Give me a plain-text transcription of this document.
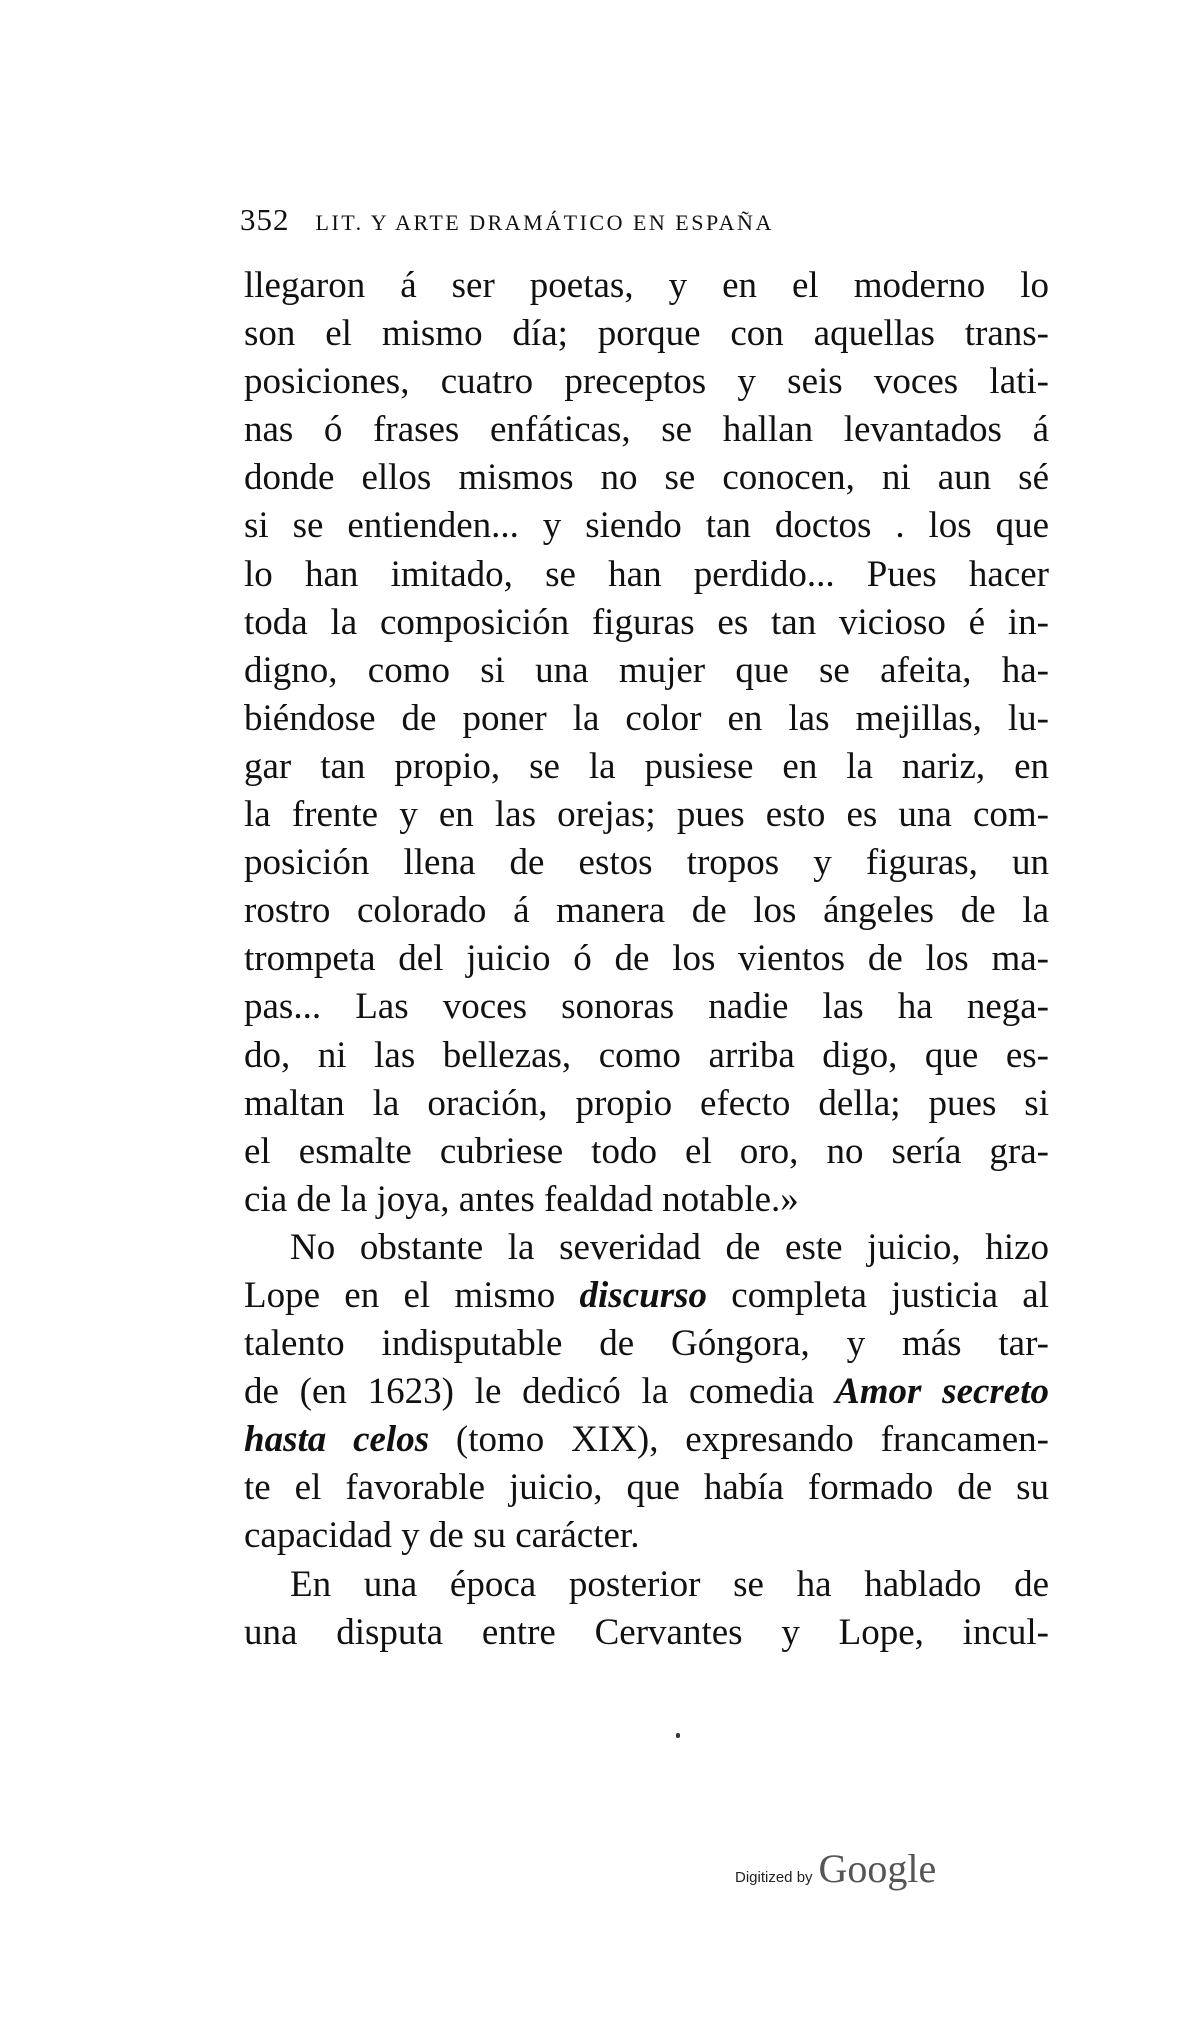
352 LIT. Y ARTE DRAMÁTICO EN ESPAÑA
llegaron á ser poetas, y en el moderno lo
son el mismo día; porque con aquellas trans-
posiciones, cuatro preceptos y seis voces lati-
nas ó frases enfáticas, se hallan levantados á
donde ellos mismos no se conocen, ni aun sé
si se entienden... y siendo tan doctos . los que
lo han imitado, se han perdido... Pues hacer
toda la composición figuras es tan vicioso é in-
digno, como si una mujer que se afeita, ha-
biéndose de poner la color en las mejillas, lu-
gar tan propio, se la pusiese en la nariz, en
la frente y en las orejas; pues esto es una com-
posición llena de estos tropos y figuras, un
rostro colorado á manera de los ángeles de la
trompeta del juicio ó de los vientos de los ma-
pas... Las voces sonoras nadie las ha nega-
do, ni las bellezas, como arriba digo, que es-
maltan la oración, propio efecto della; pues si
el esmalte cubriese todo el oro, no sería gra-
cia de la joya, antes fealdad notable.»
No obstante la severidad de este juicio, hizo
Lope en el mismo discurso completa justicia al
talento indisputable de Góngora, y más tar-
de (en 1623) le dedicó la comedia Amor secreto
hasta celos (tomo XIX), expresando francamen-
te el favorable juicio, que había formado de su
capacidad y de su carácter.
En una época posterior se ha hablado de
una disputa entre Cervantes y Lope, incul-
Digitized by Google
